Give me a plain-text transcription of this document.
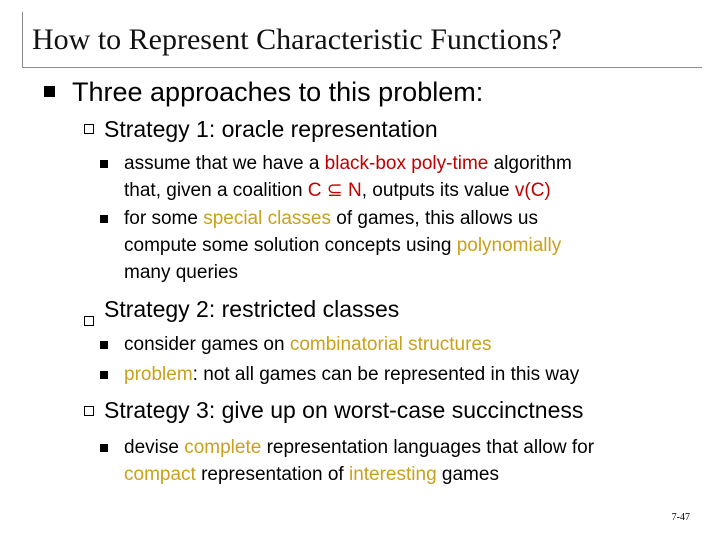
How to Represent Characteristic Functions?
Three approaches to this problem:
Strategy 1: oracle representation
assume that we have a black-box poly-time algorithm
that, given a coalition C ⊆ N, outputs its value v(C)
for some special classes of games, this allows us
compute some solution concepts using polynomially
many queries
Strategy 2: restricted classes
consider games on combinatorial structures
problem: not all games can be represented in this way
Strategy 3: give up on worst-case succinctness
devise complete representation languages that allow for
compact representation of interesting games
7-47
